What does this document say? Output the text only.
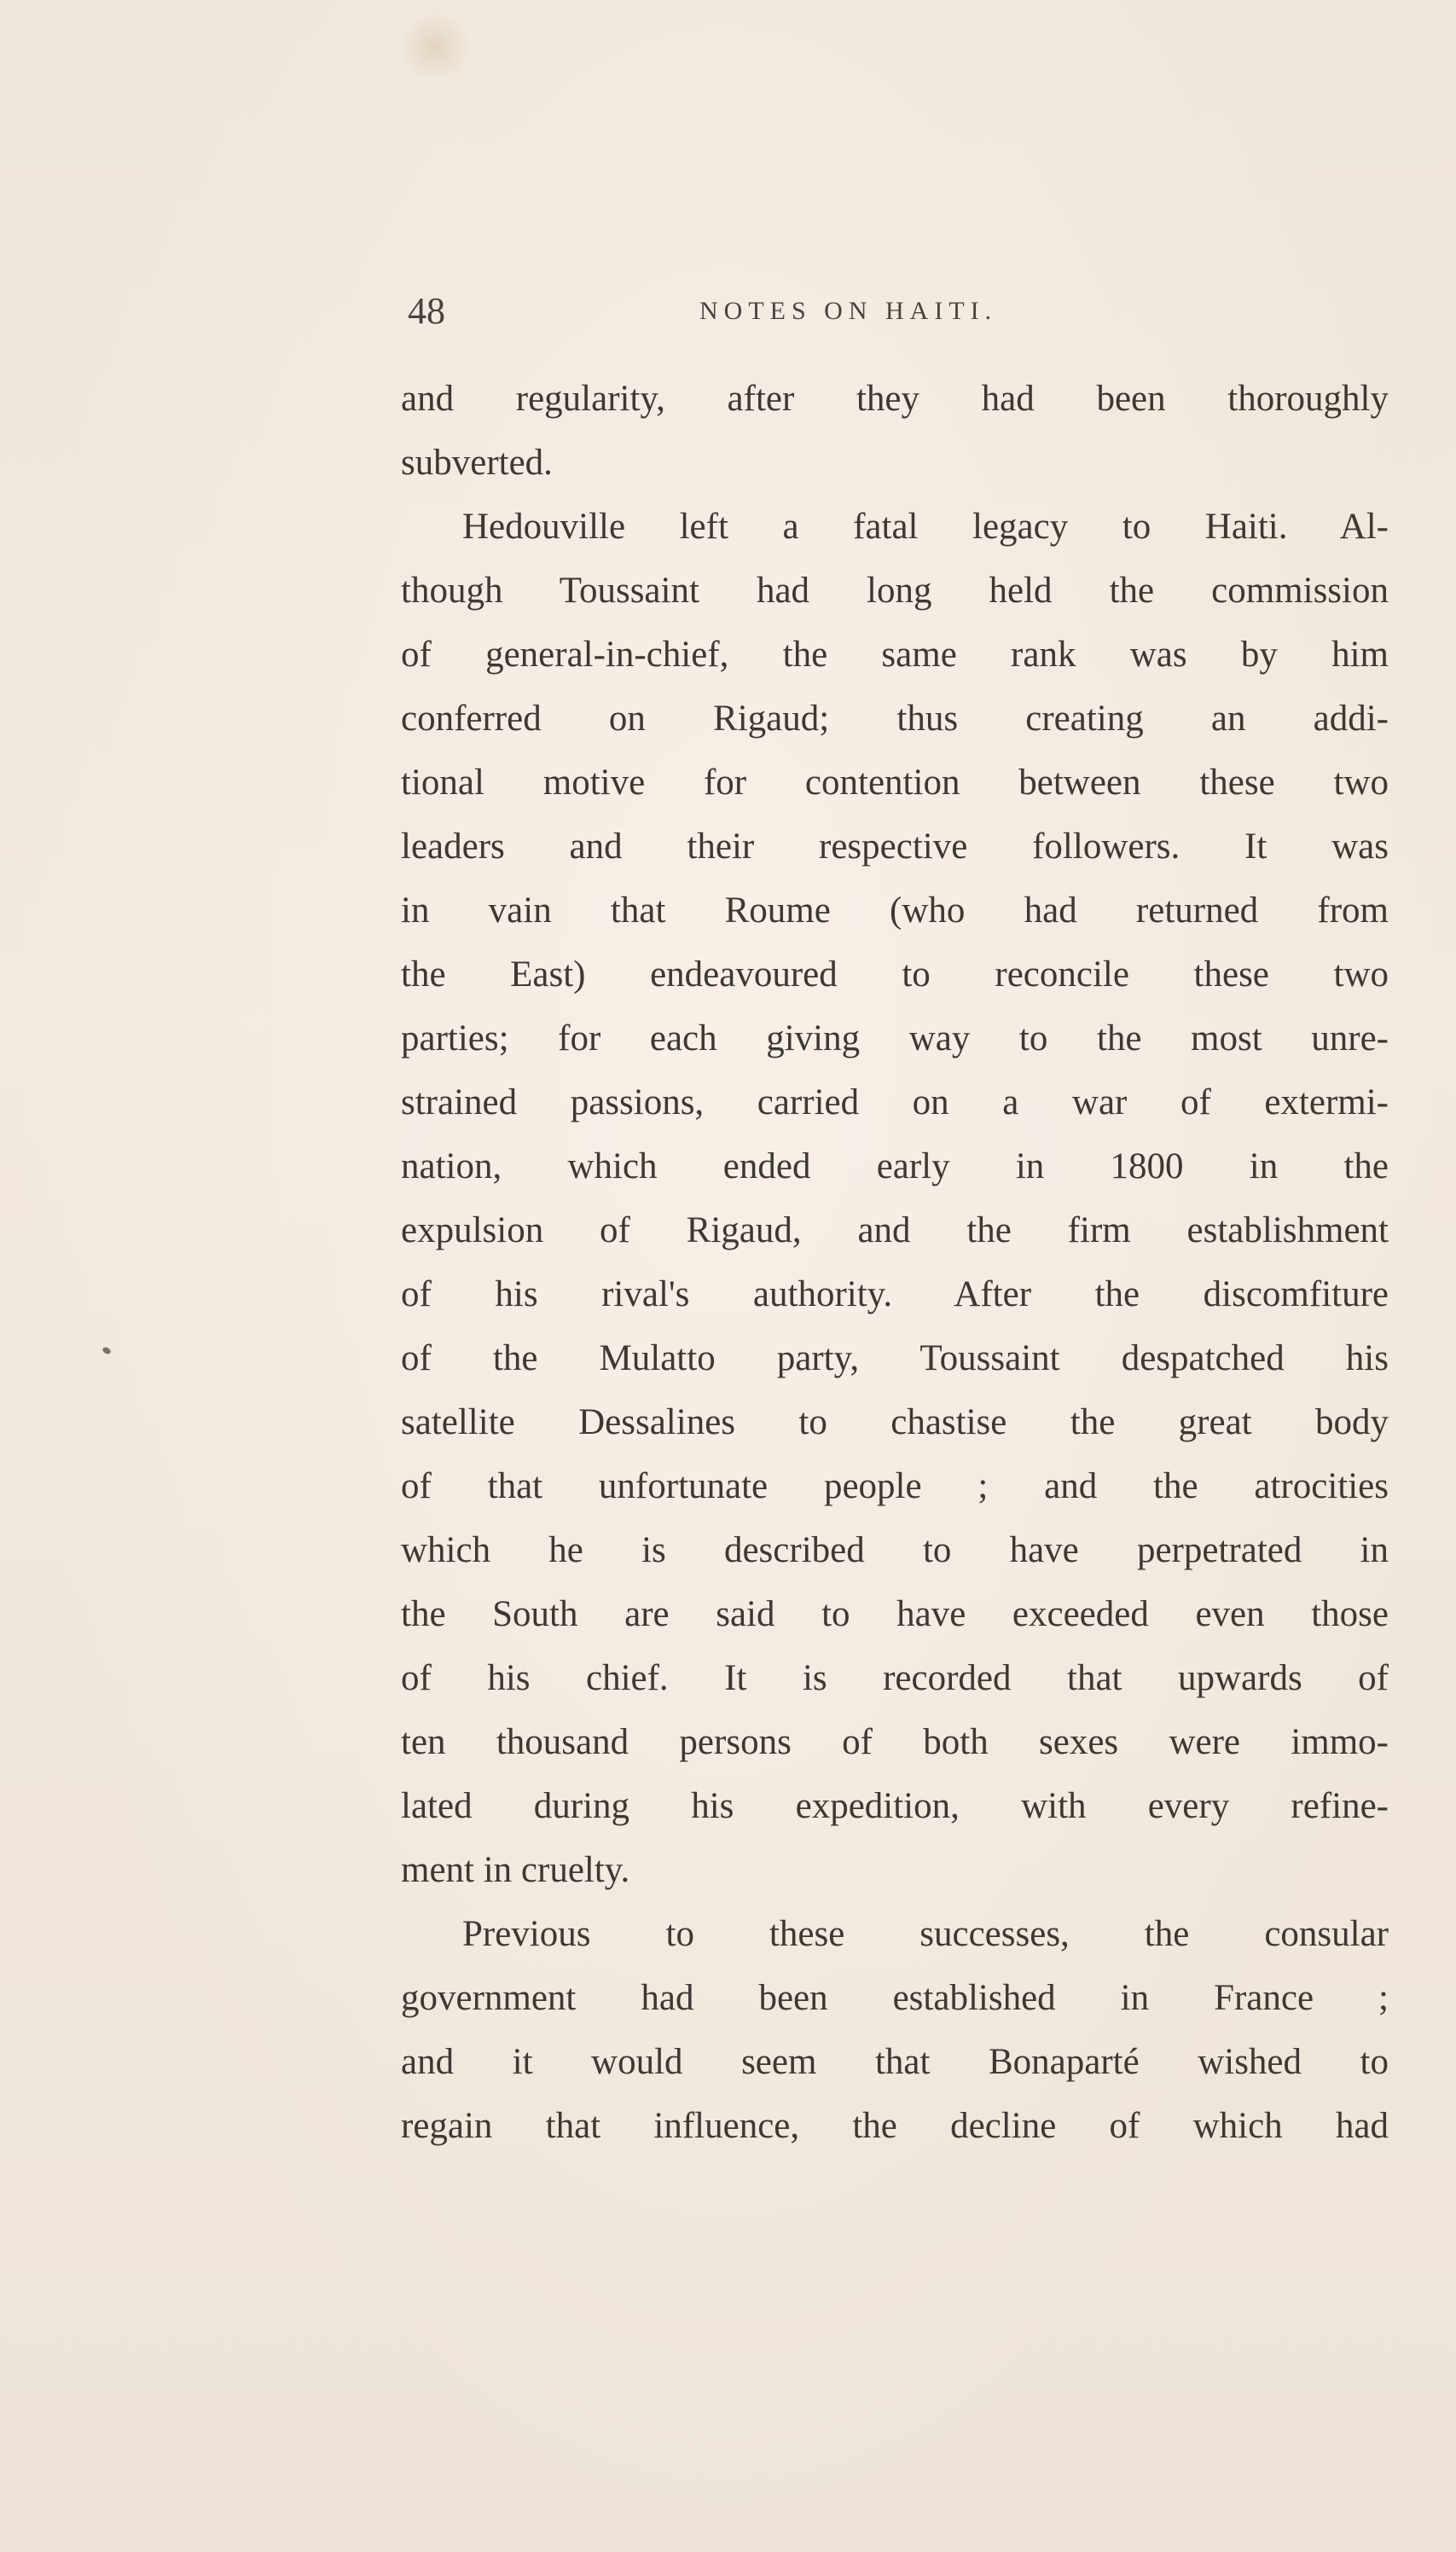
48	NOTES ON HAITI.
and regularity, after they had been thoroughly
subverted.
Hedouville left a fatal legacy to Haiti. Al-
though Toussaint had long held the commission
of general-in-chief, the same rank was by him
conferred on Rigaud; thus creating an addi-
tional motive for contention between these two
leaders and their respective followers. It was
in vain that Roume (who had returned from
the East) endeavoured to reconcile these two
parties; for each giving way to the most unre-
strained passions, carried on a war of extermi-
nation, which ended early in 1800 in the
expulsion of Rigaud, and the firm establishment
of his rival's authority. After the discomfiture
of the Mulatto party, Toussaint despatched his
satellite Dessalines to chastise the great body
of that unfortunate people ; and the atrocities
which he is described to have perpetrated in
the South are said to have exceeded even those
of his chief. It is recorded that upwards of
ten thousand persons of both sexes were immo-
lated during his expedition, with every refine-
ment in cruelty.
Previous to these successes, the consular
government had been established in France ;
and it would seem that Bonaparté wished to
regain that influence, the decline of which had
